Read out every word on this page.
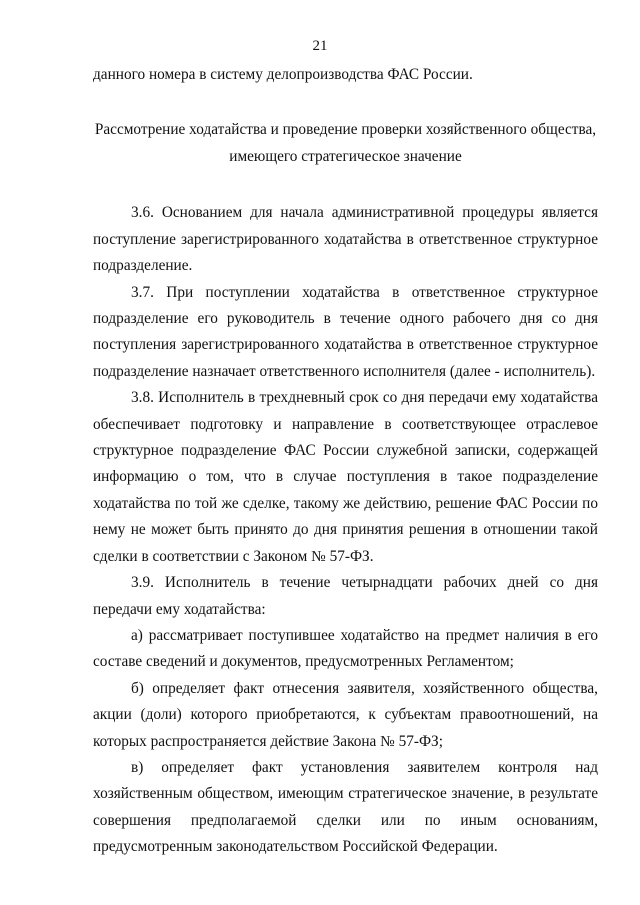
21

данного номера в систему делопроизводства ФАС России.

Рассмотрение ходатайства и проведение проверки хозяйственного общества, имеющего стратегическое значение

3.6. Основанием для начала административной процедуры является поступление зарегистрированного ходатайства в ответственное структурное подразделение.

3.7. При поступлении ходатайства в ответственное структурное подразделение его руководитель в течение одного рабочего дня со дня поступления зарегистрированного ходатайства в ответственное структурное подразделение назначает ответственного исполнителя (далее - исполнитель).

3.8. Исполнитель в трехдневный срок со дня передачи ему ходатайства обеспечивает подготовку и направление в соответствующее отраслевое структурное подразделение ФАС России служебной записки, содержащей информацию о том, что в случае поступления в такое подразделение ходатайства по той же сделке, такому же действию, решение ФАС России по нему не может быть принято до дня принятия решения в отношении такой сделки в соответствии с Законом № 57-ФЗ.

3.9. Исполнитель в течение четырнадцати рабочих дней со дня передачи ему ходатайства:

а) рассматривает поступившее ходатайство на предмет наличия в его составе сведений и документов, предусмотренных Регламентом;

б) определяет факт отнесения заявителя, хозяйственного общества, акции (доли) которого приобретаются, к субъектам правоотношений, на которых распространяется действие Закона № 57-ФЗ;

в) определяет факт установления заявителем контроля над хозяйственным обществом, имеющим стратегическое значение, в результате совершения предполагаемой сделки или по иным основаниям, предусмотренным законодательством Российской Федерации.
